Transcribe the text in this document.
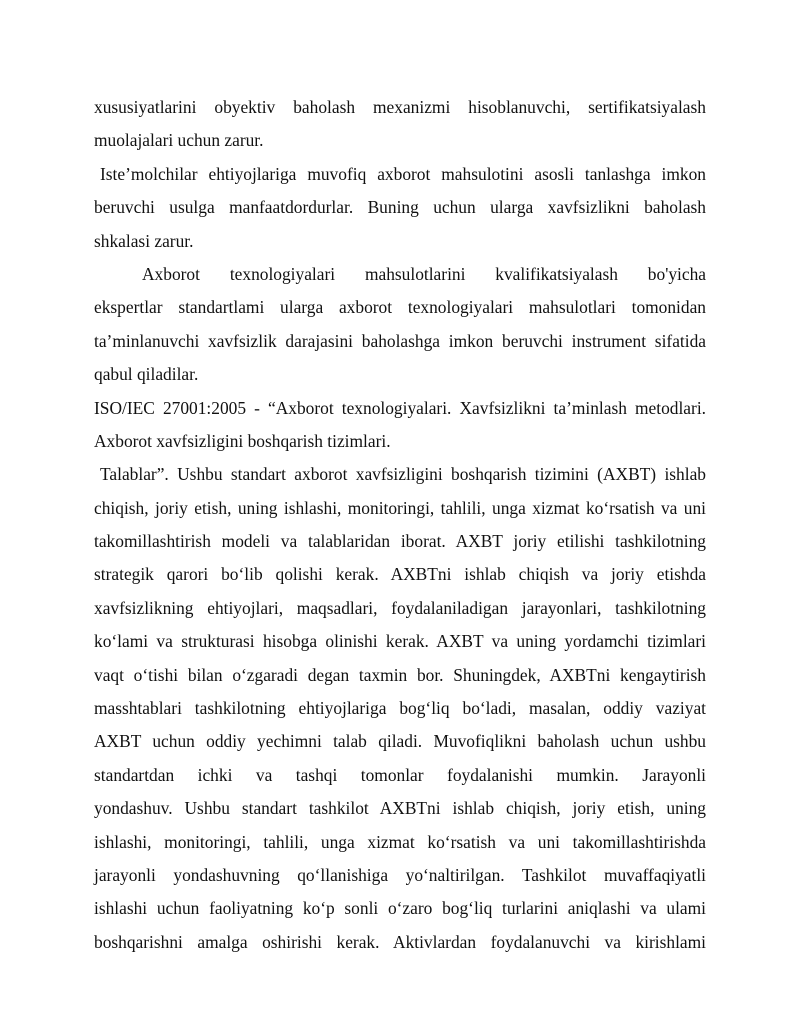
xususiyatlarini obyektiv baholash mexanizmi hisoblanuvchi, sertifikatsiyalash
muolajalari uchun zarur.
Iste’molchilar ehtiyojlariga muvofiq axborot mahsulotini asosli tanlashga imkon
beruvchi usulga manfaatdordurlar. Buning uchun ularga xavfsizlikni baholash
shkalasi zarur.
Axborot texnologiyalari mahsulotlarini kvalifikatsiyalash bo'yicha
ekspertlar standartlami ularga axborot texnologiyalari mahsulotlari tomonidan
ta’minlanuvchi xavfsizlik darajasini baholashga imkon beruvchi instrument sifatida
qabul qiladilar.
ISO/IEC 27001:2005 - “Axborot texnologiyalari. Xavfsizlikni ta’minlash metodlari.
Axborot xavfsizligini boshqarish tizimlari.
Talablar”. Ushbu standart axborot xavfsizligini boshqarish tizimini (AXBT) ishlab
chiqish, joriy etish, uning ishlashi, monitoringi, tahlili, unga xizmat ko‘rsatish va uni
takomillashtirish modeli va talablaridan iborat. AXBT joriy etilishi tashkilotning
strategik qarori bo‘lib qolishi kerak. AXBTni ishlab chiqish va joriy etishda
xavfsizlikning ehtiyojlari, maqsadlari, foydalaniladigan jarayonlari, tashkilotning
ko‘lami va strukturasi hisobga olinishi kerak. AXBT va uning yordamchi tizimlari
vaqt o‘tishi bilan o‘zgaradi degan taxmin bor. Shuningdek, AXBTni kengaytirish
masshtablari tashkilotning ehtiyojlariga bog‘liq bo‘ladi, masalan, oddiy vaziyat
AXBT uchun oddiy yechimni talab qiladi. Muvofiqlikni baholash uchun ushbu
standartdan ichki va tashqi tomonlar foydalanishi mumkin. Jarayonli
yondashuv. Ushbu standart tashkilot AXBTni ishlab chiqish, joriy etish, uning
ishlashi, monitoringi, tahlili, unga xizmat ko‘rsatish va uni takomillashtirishda
jarayonli yondashuvning qo‘llanishiga yo‘naltirilgan. Tashkilot muvaffaqiyatli
ishlashi uchun faoliyatning ko‘p sonli o‘zaro bog‘liq turlarini aniqlashi va ulami
boshqarishni amalga oshirishi kerak. Aktivlardan foydalanuvchi va kirishlami
